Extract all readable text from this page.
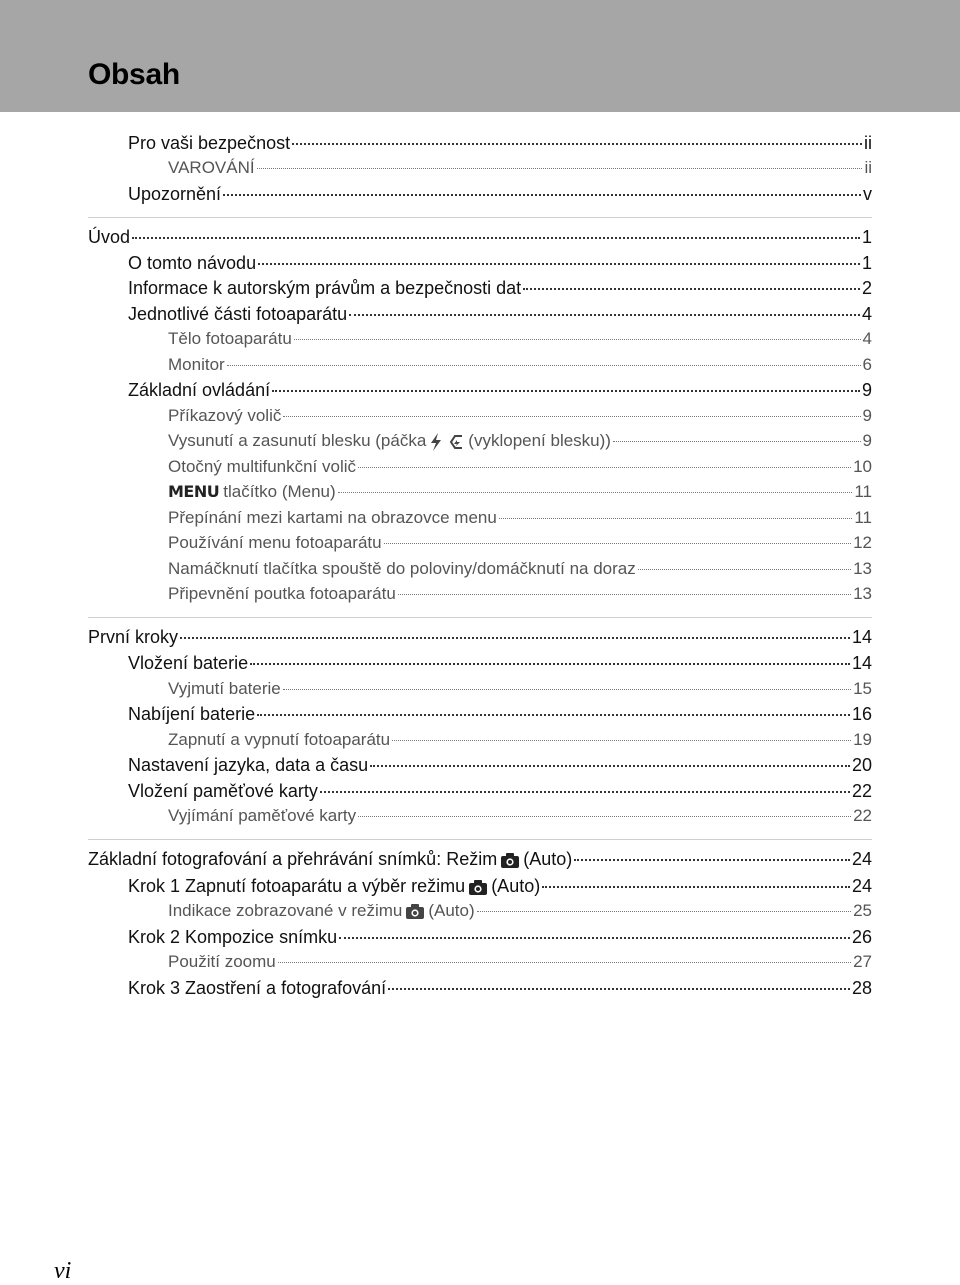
Obsah
Pro vaši bezpečnost	ii
VAROVÁNÍ	ii
Upozornění	v
Úvod	1
O tomto návodu	1
Informace k autorským právům a bezpečnosti dat	2
Jednotlivé části fotoaparátu	4
Tělo fotoaparátu	4
Monitor	6
Základní ovládání	9
Příkazový volič	9
Vysunutí a zasunutí blesku (páčka (vyklopení blesku))	9
Otočný multifunkční volič	10
MENU tlačítko (Menu)	11
Přepínání mezi kartami na obrazovce menu	11
Používání menu fotoaparátu	12
Namáčknutí tlačítka spouště do poloviny/domáčknutí na doraz	13
Připevnění poutka fotoaparátu	13
První kroky	14
Vložení baterie	14
Vyjmutí baterie	15
Nabíjení baterie	16
Zapnutí a vypnutí fotoaparátu	19
Nastavení jazyka, data a času	20
Vložení paměťové karty	22
Vyjímání paměťové karty	22
Základní fotografování a přehrávání snímků: Režim (Auto)	24
Krok 1 Zapnutí fotoaparátu a výběr režimu (Auto)	24
Indikace zobrazované v režimu (Auto)	25
Krok 2 Kompozice snímku	26
Použití zoomu	27
Krok 3 Zaostření a fotografování	28
vi
